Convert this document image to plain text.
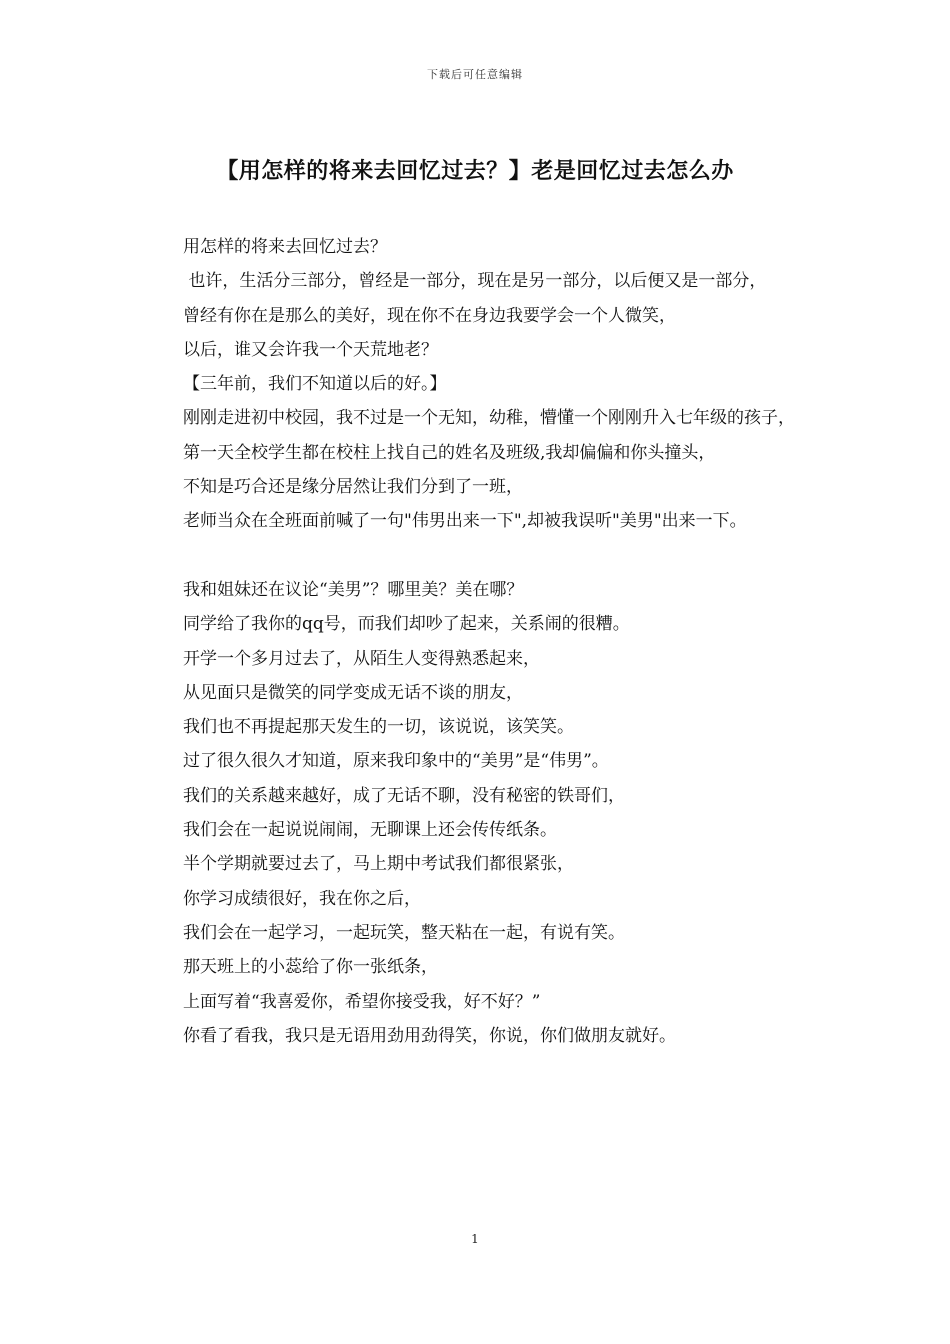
下载后可任意编辑
【用怎样的将来去回忆过去？】老是回忆过去怎么办

用怎样的将来去回忆过去？

也许，生活分三部分，曾经是一部分，现在是另一部分，以后便又是一部分，

曾经有你在是那么的美好，现在你不在身边我要学会一个人微笑，

以后，谁又会许我一个天荒地老？

【三年前，我们不知道以后的好。】

刚刚走进初中校园，我不过是一个无知，幼稚，懵懂一个刚刚升入七年级的孩子，

第一天全校学生都在校柱上找自己的姓名及班级,我却偏偏和你头撞头，

不知是巧合还是缘分居然让我们分到了一班，

老师当众在全班面前喊了一句"伟男出来一下",却被我误听"美男"出来一下。

我和姐妹还在议论“美男”？哪里美？美在哪？

同学给了我你的qq号，而我们却吵了起来，关系闹的很糟。

开学一个多月过去了，从陌生人变得熟悉起来，

从见面只是微笑的同学变成无话不谈的朋友，

我们也不再提起那天发生的一切，该说说，该笑笑。

过了很久很久才知道，原来我印象中的“美男”是“伟男”。

我们的关系越来越好，成了无话不聊，没有秘密的铁哥们，

我们会在一起说说闹闹，无聊课上还会传传纸条。

半个学期就要过去了，马上期中考试我们都很紧张，

你学习成绩很好，我在你之后，

我们会在一起学习，一起玩笑，整天粘在一起，有说有笑。

那天班上的小蕊给了你一张纸条，

上面写着“我喜爱你，希望你接受我，好不好？”

你看了看我，我只是无语用劲用劲得笑，你说，你们做朋友就好。

1
